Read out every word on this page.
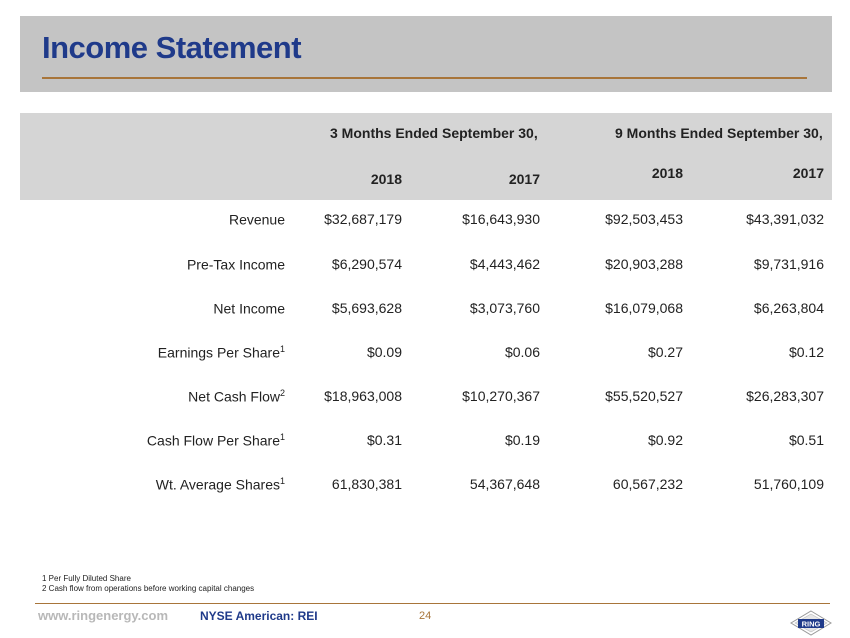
Income Statement
3 Months Ended September 30,	9 Months Ended September 30,
2018	2017	2018	2017
Revenue	$32,687,179	$16,643,930	$92,503,453	$43,391,032
Pre-Tax Income	$6,290,574	$4,443,462	$20,903,288	$9,731,916
Net Income	$5,693,628	$3,073,760	$16,079,068	$6,263,804
Earnings Per Share$^1$	$0.09	$0.06	$0.27	$0.12
Net Cash Flow$^2$	$18,963,008	$10,270,367	$55,520,527	$26,283,307
Cash Flow Per Share$^1$	$0.31	$0.19	$0.92	$0.51
Wt. Average Shares$^1$	61,830,381	54,367,648	60,567,232	51,760,109
1 Per Fully Diluted Share
2 Cash flow from operations before working capital changes
www.ringenergy.com	NYSE American: REI	24
RING
